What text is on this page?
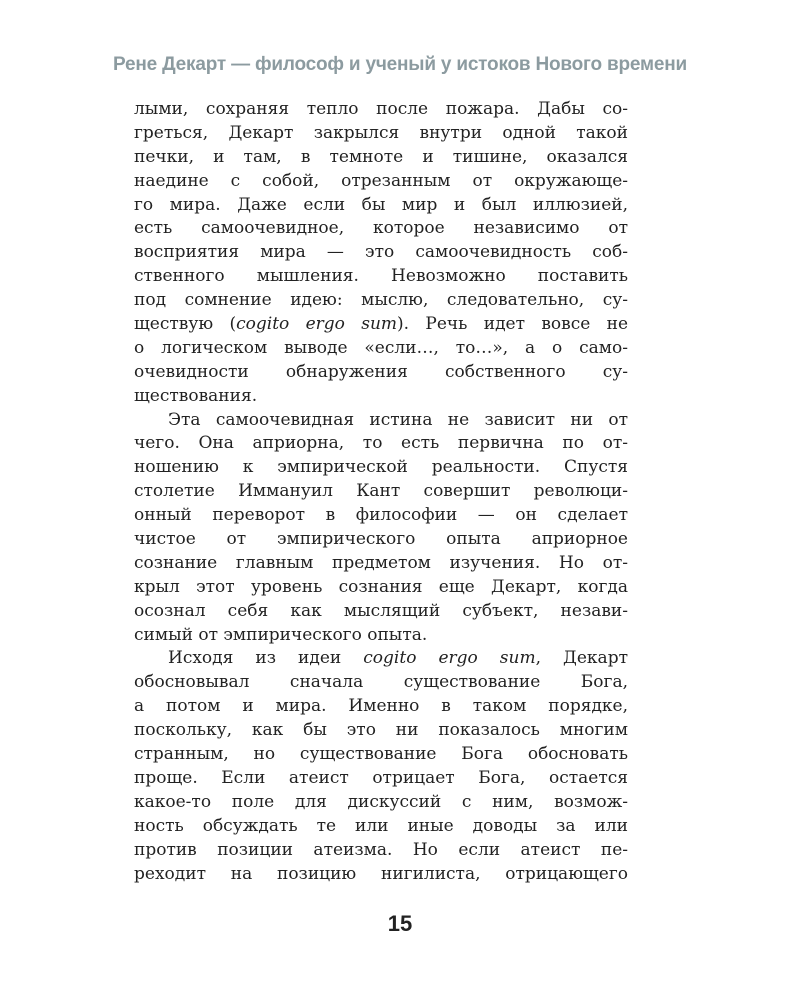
Рене Декарт — философ и ученый у истоков Нового времени

лыми, сохраняя тепло после пожара. Дабы со-
греться, Декарт закрылся внутри одной такой
печки, и там, в темноте и тишине, оказался
наедине с собой, отрезанным от окружающе-
го мира. Даже если бы мир и был иллюзией,
есть самоочевидное, которое независимо от
восприятия мира — это самоочевидность соб-
ственного мышления. Невозможно поставить
под сомнение идею: мыслю, следовательно, су-
ществую (cogito ergo sum). Речь идет вовсе не
о логическом выводе «если…, то…», а о само-
очевидности обнаружения собственного су-
ществования.

Эта самоочевидная истина не зависит ни от
чего. Она априорна, то есть первична по от-
ношению к эмпирической реальности. Спустя
столетие Иммануил Кант совершит революци-
онный переворот в философии — он сделает
чистое от эмпирического опыта априорное
сознание главным предметом изучения. Но от-
крыл этот уровень сознания еще Декарт, когда
осознал себя как мыслящий субъект, незави-
симый от эмпирического опыта.

Исходя из идеи cogito ergo sum, Декарт
обосновывал сначала существование Бога,
а потом и мира. Именно в таком порядке,
поскольку, как бы это ни показалось многим
странным, но существование Бога обосновать
проще. Если атеист отрицает Бога, остается
какое-то поле для дискуссий с ним, возмож-
ность обсуждать те или иные доводы за или
против позиции атеизма. Но если атеист пе-
реходит на позицию нигилиста, отрицающего

15
